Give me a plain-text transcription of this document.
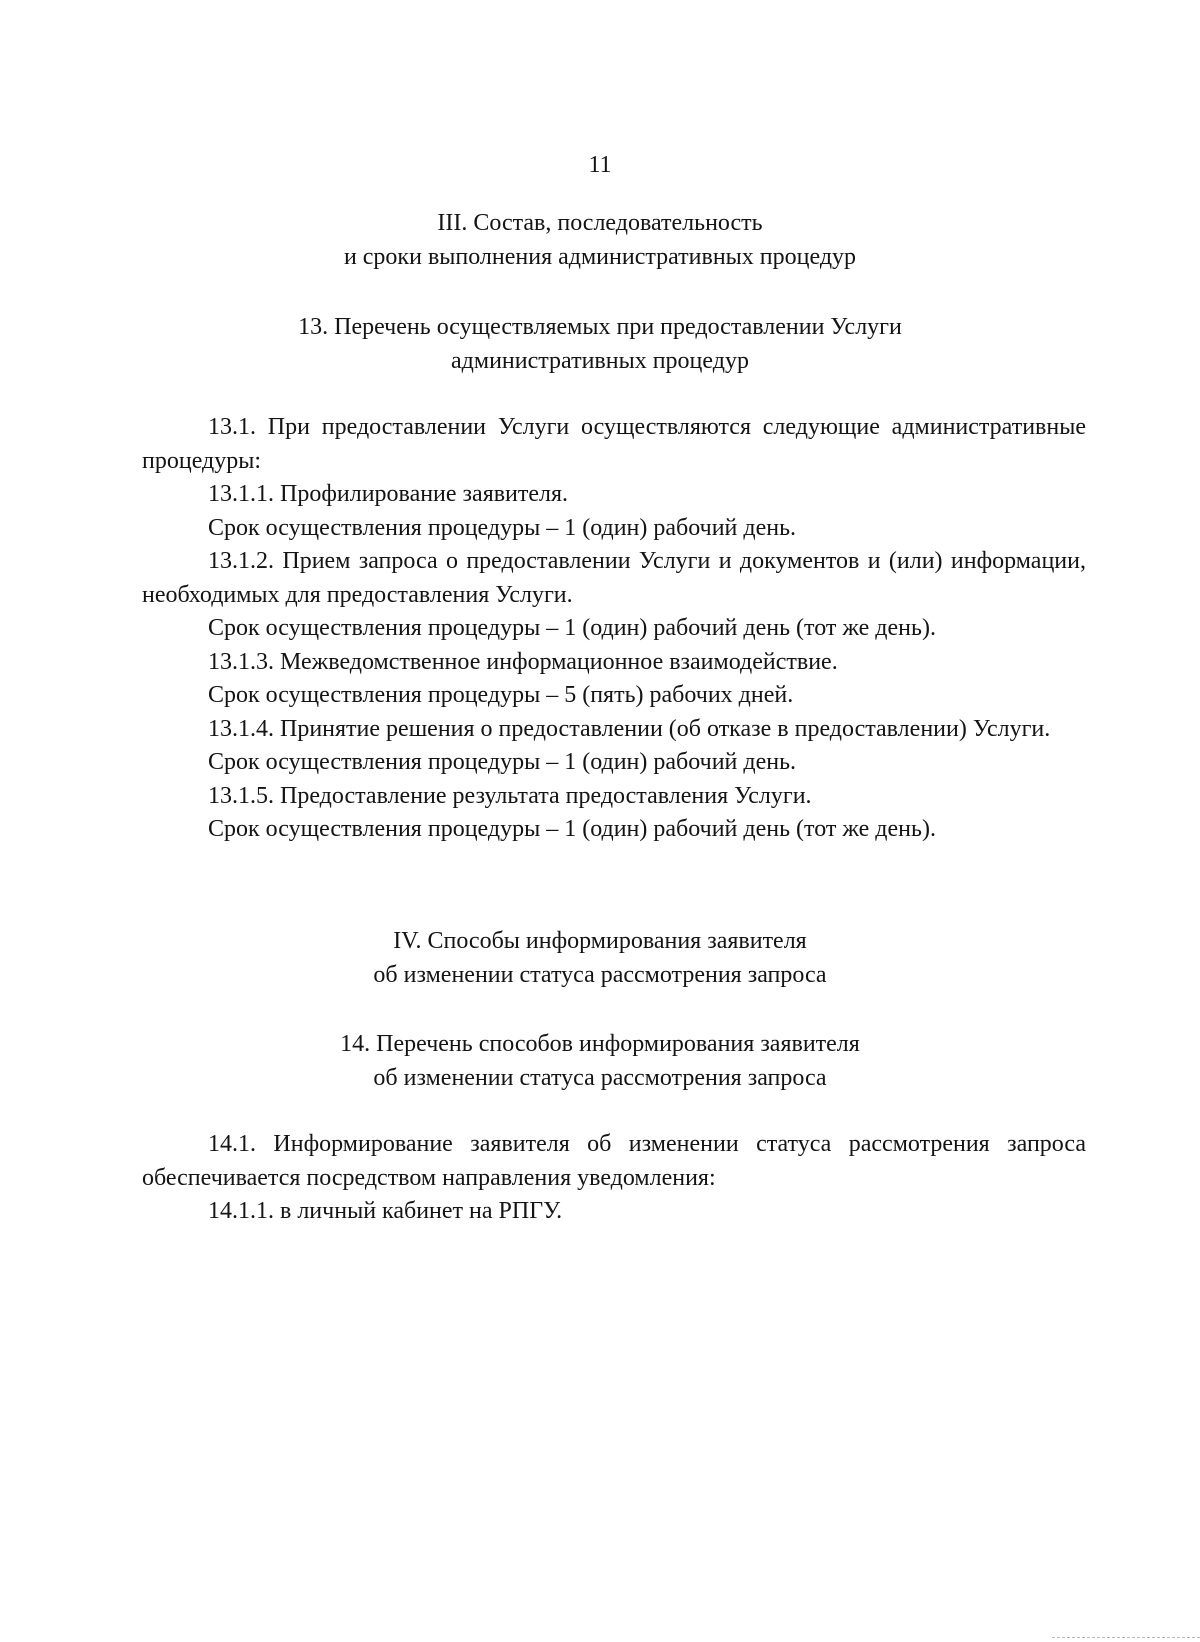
11
III. Состав, последовательность
и сроки выполнения административных процедур
13. Перечень осуществляемых при предоставлении Услуги
административных процедур

13.1. При предоставлении Услуги осуществляются следующие административные процедуры:

13.1.1. Профилирование заявителя.

Срок осуществления процедуры – 1 (один) рабочий день.

13.1.2. Прием запроса о предоставлении Услуги и документов и (или) информации, необходимых для предоставления Услуги.

Срок осуществления процедуры – 1 (один) рабочий день (тот же день).

13.1.3. Межведомственное информационное взаимодействие.

Срок осуществления процедуры – 5 (пять) рабочих дней.

13.1.4. Принятие решения о предоставлении (об отказе в предоставлении) Услуги.

Срок осуществления процедуры – 1 (один) рабочий день.

13.1.5. Предоставление результата предоставления Услуги.

Срок осуществления процедуры – 1 (один) рабочий день (тот же день).

IV. Способы информирования заявителя
об изменении статуса рассмотрения запроса
14. Перечень способов информирования заявителя
об изменении статуса рассмотрения запроса

14.1. Информирование заявителя об изменении статуса рассмотрения запроса обеспечивается посредством направления уведомления:

14.1.1. в личный кабинет на РПГУ.
